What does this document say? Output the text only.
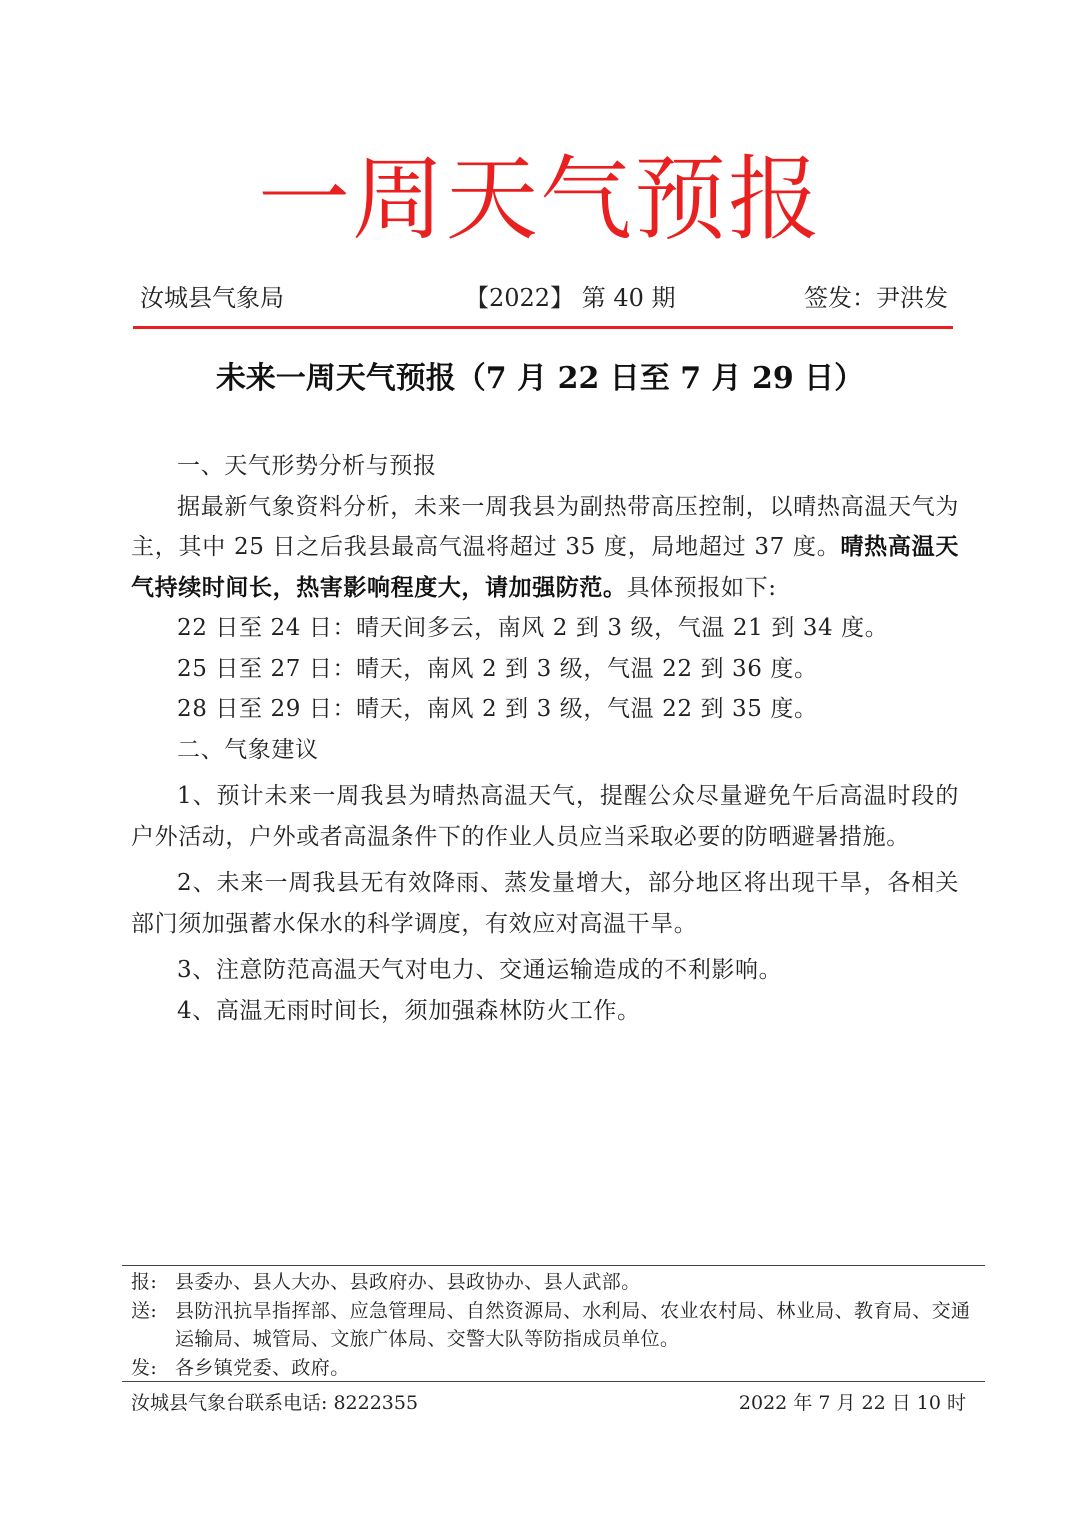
一周天气预报
汝城县气象局	【2022】 第 40 期	签发：尹洪发
未来一周天气预报（7 月 22 日至 7 月 29 日）

一、天气形势分析与预报

据最新气象资料分析，未来一周我县为副热带高压控制，以晴热高温天气为主，其中 25 日之后我县最高气温将超过 35 度，局地超过 37 度。晴热高温天气持续时间长，热害影响程度大，请加强防范。具体预报如下:

22 日至 24 日：晴天间多云，南风 2 到 3 级，气温 21 到 34 度。

25 日至 27 日：晴天，南风 2 到 3 级，气温 22 到 36 度。

28 日至 29 日：晴天，南风 2 到 3 级，气温 22 到 35 度。

二、气象建议

1、预计未来一周我县为晴热高温天气，提醒公众尽量避免午后高温时段的户外活动，户外或者高温条件下的作业人员应当采取必要的防晒避暑措施。

2、未来一周我县无有效降雨、蒸发量增大，部分地区将出现干旱，各相关部门须加强蓄水保水的科学调度，有效应对高温干旱。

3、注意防范高温天气对电力、交通运输造成的不利影响。

4、高温无雨时间长，须加强森林防火工作。

报: 县委办、县人大办、县政府办、县政协办、县人武部。
送: 县防汛抗旱指挥部、应急管理局、自然资源局、水利局、农业农村局、林业局、教育局、交通运输局、城管局、文旅广体局、交警大队等防指成员单位。
发: 各乡镇党委、政府。
汝城县气象台联系电话: 8222355	2022 年 7 月 22 日 10 时
